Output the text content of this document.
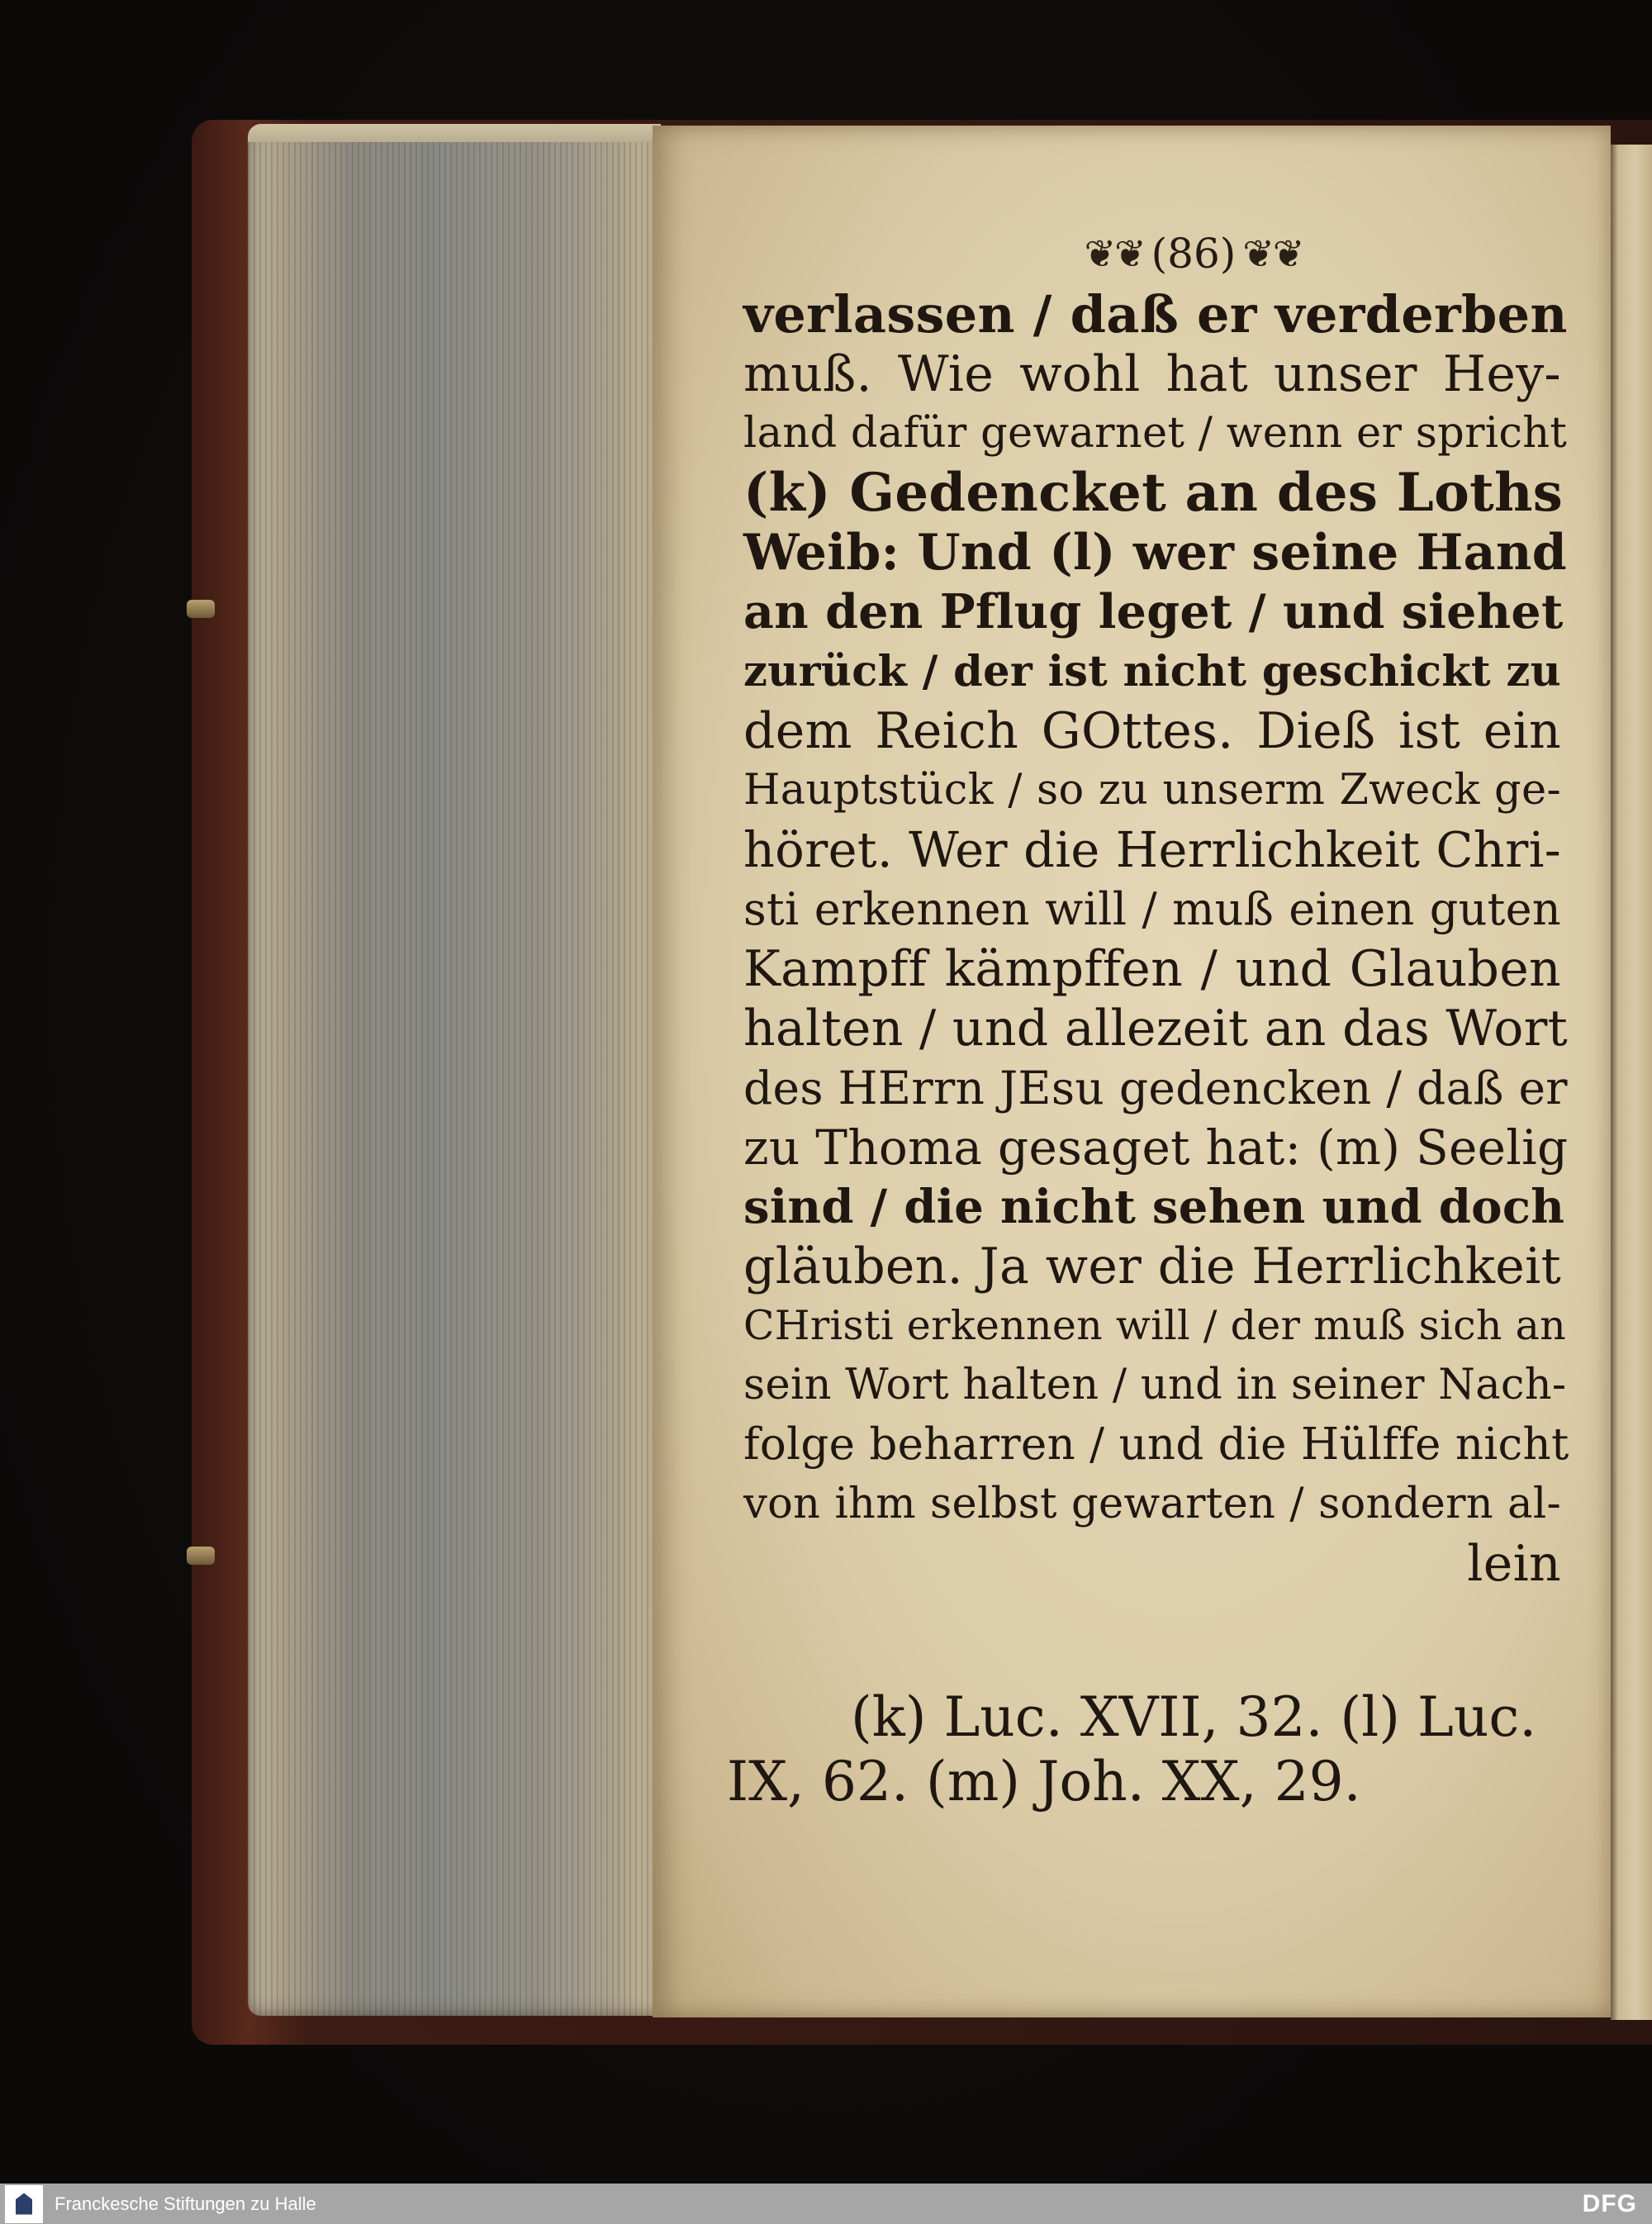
❦❦ (86) ❦❦
verlassen / daß er verderben
muß. Wie wohl hat unser Hey-
land dafür gewarnet / wenn er spricht
(k) Gedencket an des Loths
Weib: Und (l) wer seine Hand
an den Pflug leget / und siehet
zurück / der ist nicht geschickt zu
dem Reich GOttes. Dieß ist ein
Hauptstück / so zu unserm Zweck ge-
höret. Wer die Herrlichkeit Chri-
sti erkennen will / muß einen guten
Kampff kämpffen / und Glauben
halten / und allezeit an das Wort
des HErrn JEsu gedencken / daß er
zu Thoma gesaget hat: (m) Seelig
sind / die nicht sehen und doch
gläuben. Ja wer die Herrlichkeit
CHristi erkennen will / der muß sich an
sein Wort halten / und in seiner Nach-
folge beharren / und die Hülffe nicht
von ihm selbst gewarten / sondern al-
lein
(k) Luc. XVII, 32. (l) Luc.
IX, 62. (m) Joh. XX, 29.
Franckesche Stiftungen zu Halle	DFG
